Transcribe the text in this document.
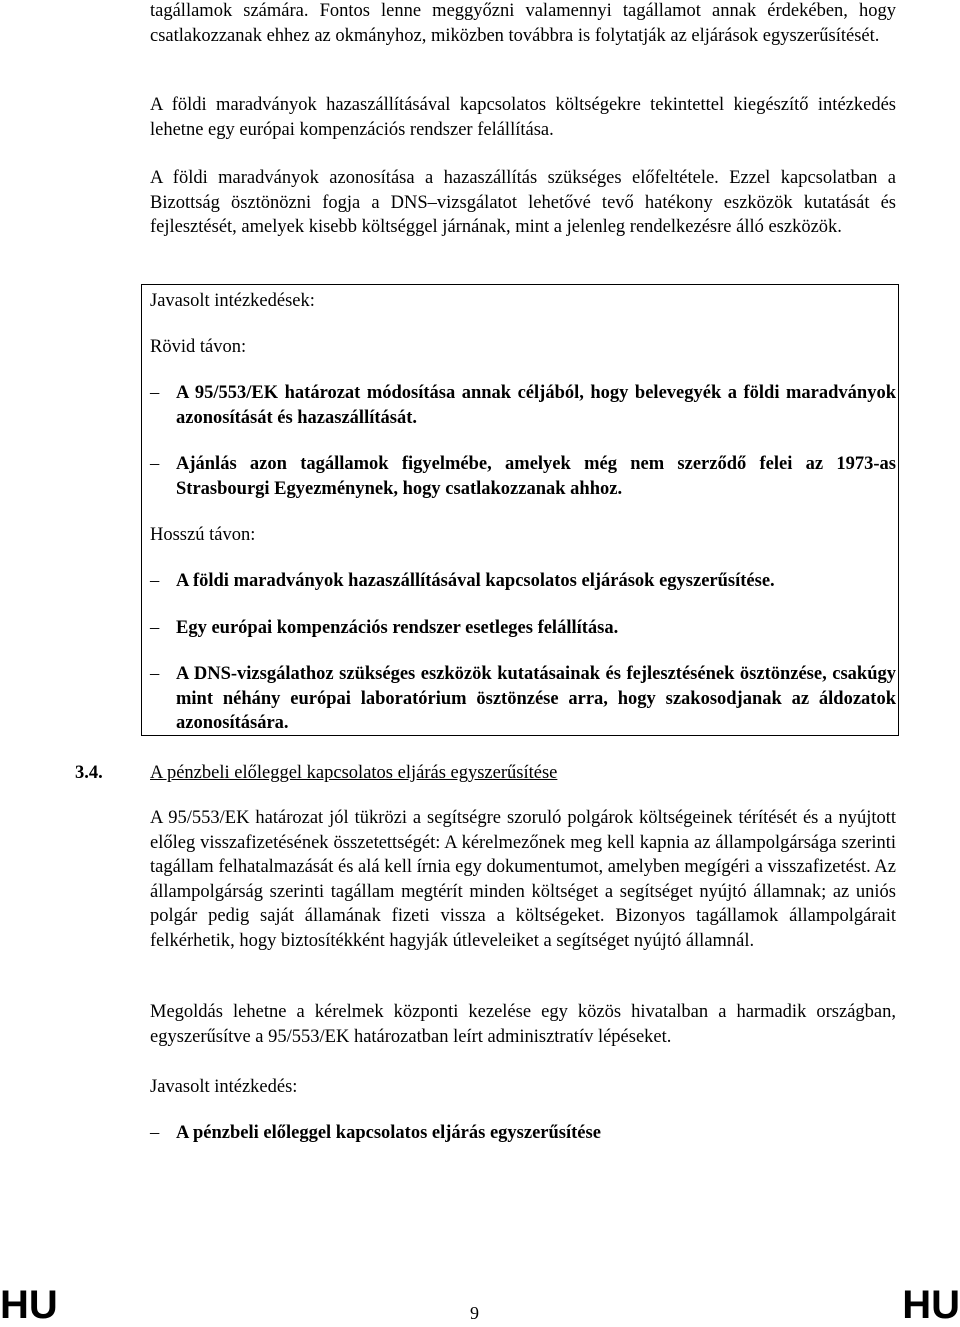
tagállamok számára. Fontos lenne meggyőzni valamennyi tagállamot annak érdekében, hogy csatlakozzanak ehhez az okmányhoz, miközben továbbra is folytatják az eljárások egyszerűsítését.

A földi maradványok hazaszállításával kapcsolatos költségekre tekintettel kiegészítő intézkedés lehetne egy európai kompenzációs rendszer felállítása.

A földi maradványok azonosítása a hazaszállítás szükséges előfeltétele. Ezzel kapcsolatban a Bizottság ösztönözni fogja a DNS–vizsgálatot lehetővé tevő hatékony eszközök kutatását és fejlesztését, amelyek kisebb költséggel járnának, mint a jelenleg rendelkezésre álló eszközök.

Javasolt intézkedések:
Rövid távon:
– A 95/553/EK határozat módosítása annak céljából, hogy belevegyék a földi maradványok azonosítását és hazaszállítását.
– Ajánlás azon tagállamok figyelmébe, amelyek még nem szerződő felei az 1973-as Strasbourgi Egyezménynek, hogy csatlakozzanak ahhoz.
Hosszú távon:
– A földi maradványok hazaszállításával kapcsolatos eljárások egyszerűsítése.
– Egy európai kompenzációs rendszer esetleges felállítása.
– A DNS-vizsgálathoz szükséges eszközök kutatásainak és fejlesztésének ösztönzése, csakúgy mint néhány európai laboratórium ösztönzése arra, hogy szakosodjanak az áldozatok azonosítására.
3.4.	A pénzbeli előleggel kapcsolatos eljárás egyszerűsítése

A 95/553/EK határozat jól tükrözi a segítségre szoruló polgárok költségeinek térítését és a nyújtott előleg visszafizetésének összetettségét: A kérelmezőnek meg kell kapnia az állampolgársága szerinti tagállam felhatalmazását és alá kell írnia egy dokumentumot, amelyben megígéri a visszafizetést. Az állampolgárság szerinti tagállam megtérít minden költséget a segítséget nyújtó államnak; az uniós polgár pedig saját államának fizeti vissza a költségeket. Bizonyos tagállamok állampolgárait felkérhetik, hogy biztosítékként hagyják útleveleiket a segítséget nyújtó államnál.

Megoldás lehetne a kérelmek központi kezelése egy közös hivatalban a harmadik országban, egyszerűsítve a 95/553/EK határozatban leírt adminisztratív lépéseket.

Javasolt intézkedés:
– A pénzbeli előleggel kapcsolatos eljárás egyszerűsítése
HU	9	HU
